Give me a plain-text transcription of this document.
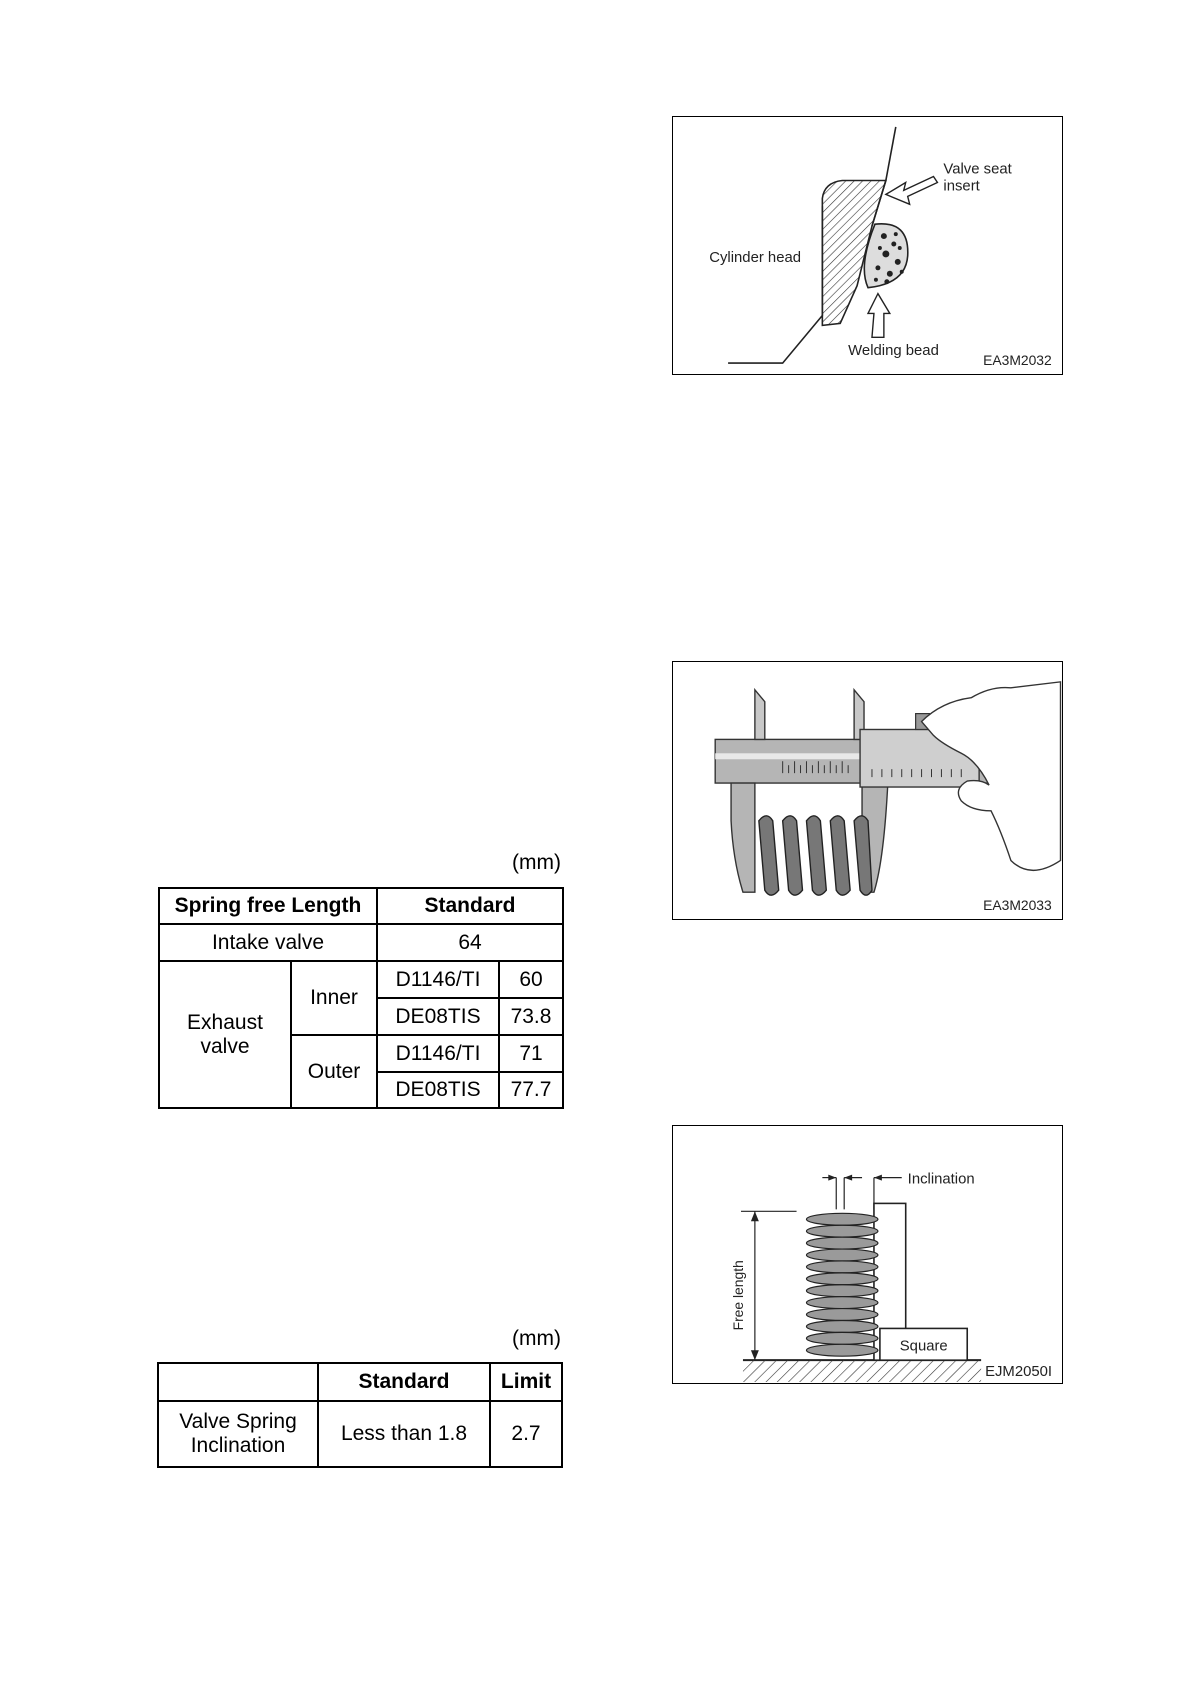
Valve seat
insert
Cylinder head
Welding bead
EA3M2032
EA3M2033
Inclination
Free length
Square
EJM2050I
(mm)
Spring free Length		Standard	
Intake valve		64	
Exhaust
valve	Inner	D1146/TI	60
		DE08TIS	73.8
	Outer	D1146/TI	71
		DE08TIS	77.7
(mm)
	Standard	Limit
Valve Spring
Inclination	Less than 1.8	2.7
